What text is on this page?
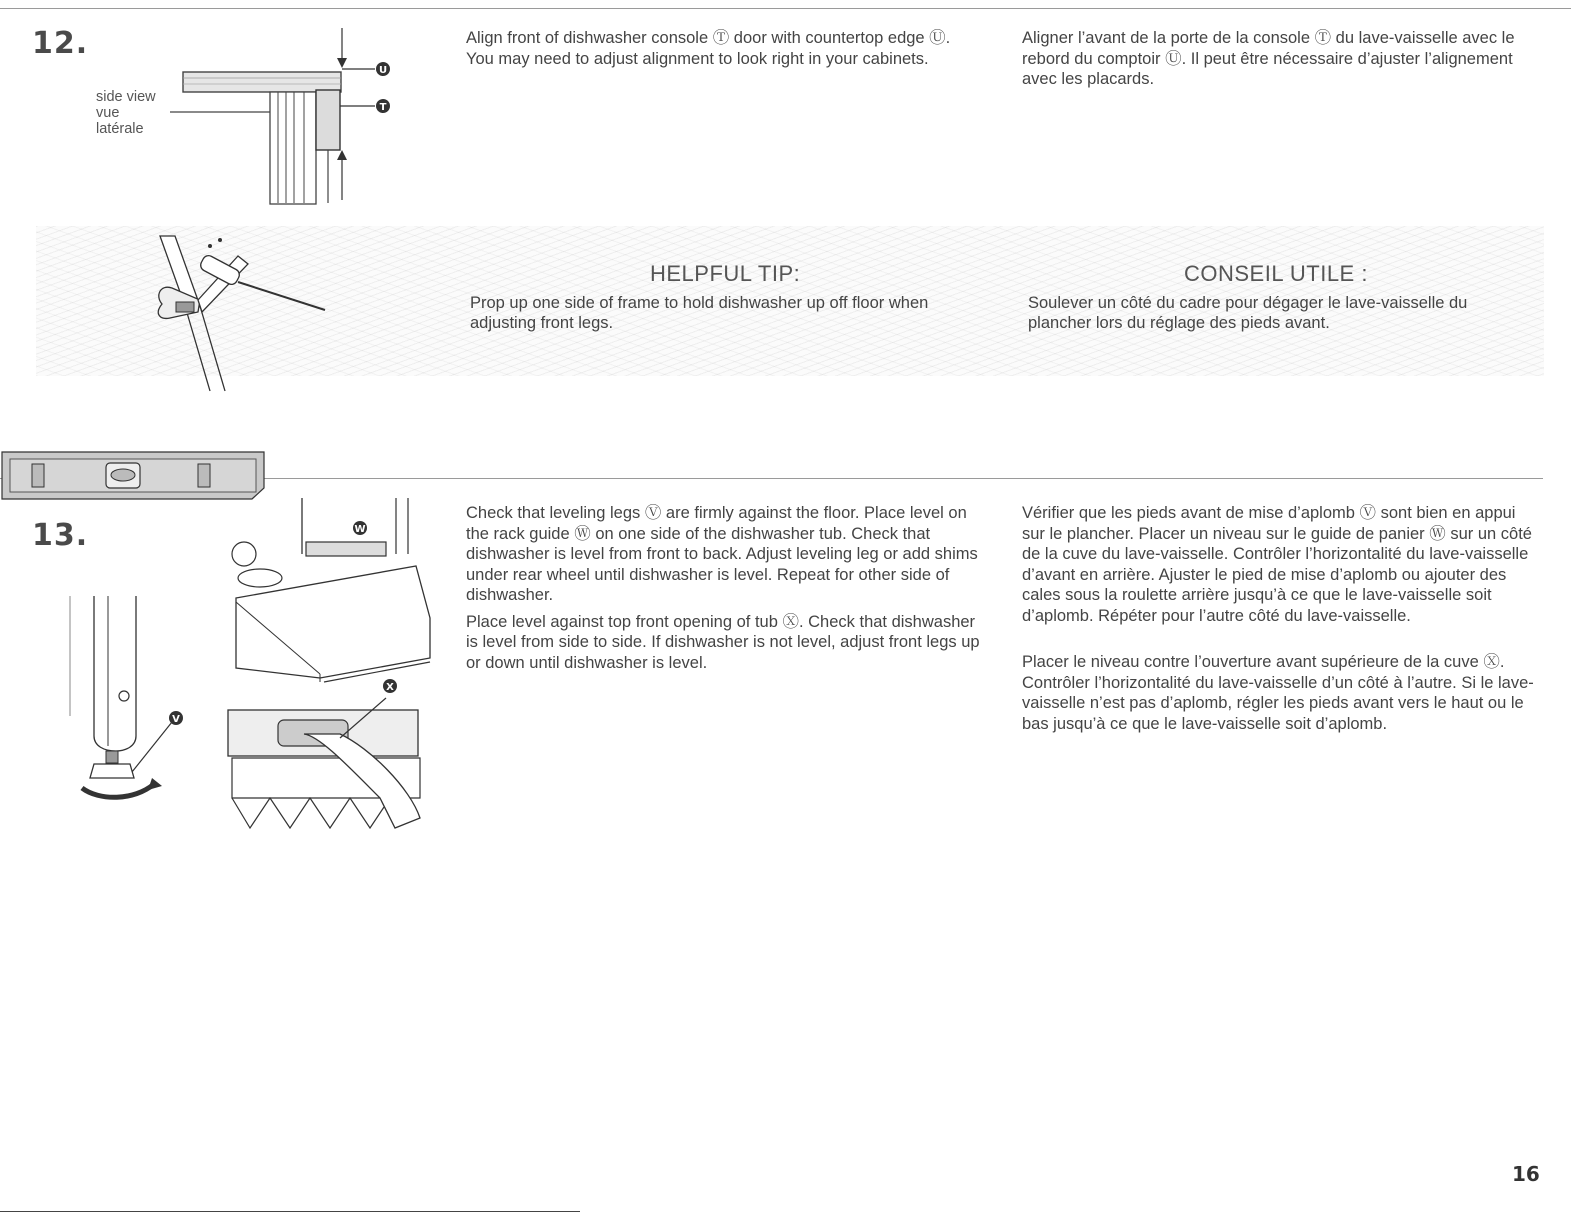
12.
side view
vue
latérale
U
T

Align front of dishwasher console Ⓣ door with countertop edge Ⓤ. You may need to adjust alignment to look right in your cabinets.

Aligner l’avant de la porte de la console Ⓣ du lave-vaisselle avec le rebord du comptoir Ⓤ. Il peut être nécessaire d’ajuster l’alignement avec les placards.

HELPFUL TIP:	CONSEIL UTILE :
Prop up one side of frame to hold dishwasher up off floor when adjusting front legs.
Soulever un côté du cadre pour dégager le lave-vaisselle du plancher lors du réglage des pieds avant.
13.
V
W
X

Check that leveling legs Ⓥ are firmly against the floor. Place level on the rack guide Ⓦ on one side of the dishwasher tub. Check that dishwasher is level from front to back. Adjust leveling leg or add shims under rear wheel until dishwasher is level. Repeat for other side of dishwasher.

Place level against top front opening of tub Ⓧ. Check that dishwasher is level from side to side. If dishwasher is not level, adjust front legs up or down until dishwasher is level.

Vérifier que les pieds avant de mise d’aplomb Ⓥ sont bien en appui sur le plancher. Placer un niveau sur le guide de panier Ⓦ sur un côté de la cuve du lave-vaisselle. Contrôler l’horizontalité du lave-vaisselle d’avant en arrière. Ajuster le pied de mise d’aplomb ou ajouter des cales sous la roulette arrière jusqu’à ce que le lave-vaisselle soit d’aplomb. Répéter pour l’autre côté du lave-vaisselle.

Placer le niveau contre l’ouverture avant supérieure de la cuve Ⓧ. Contrôler l’horizontalité du lave-vaisselle d’un côté à l’autre. Si le lave-vaisselle n’est pas d’aplomb, régler les pieds avant vers le haut ou le bas jusqu’à ce que le lave-vaisselle soit d’aplomb.

16
